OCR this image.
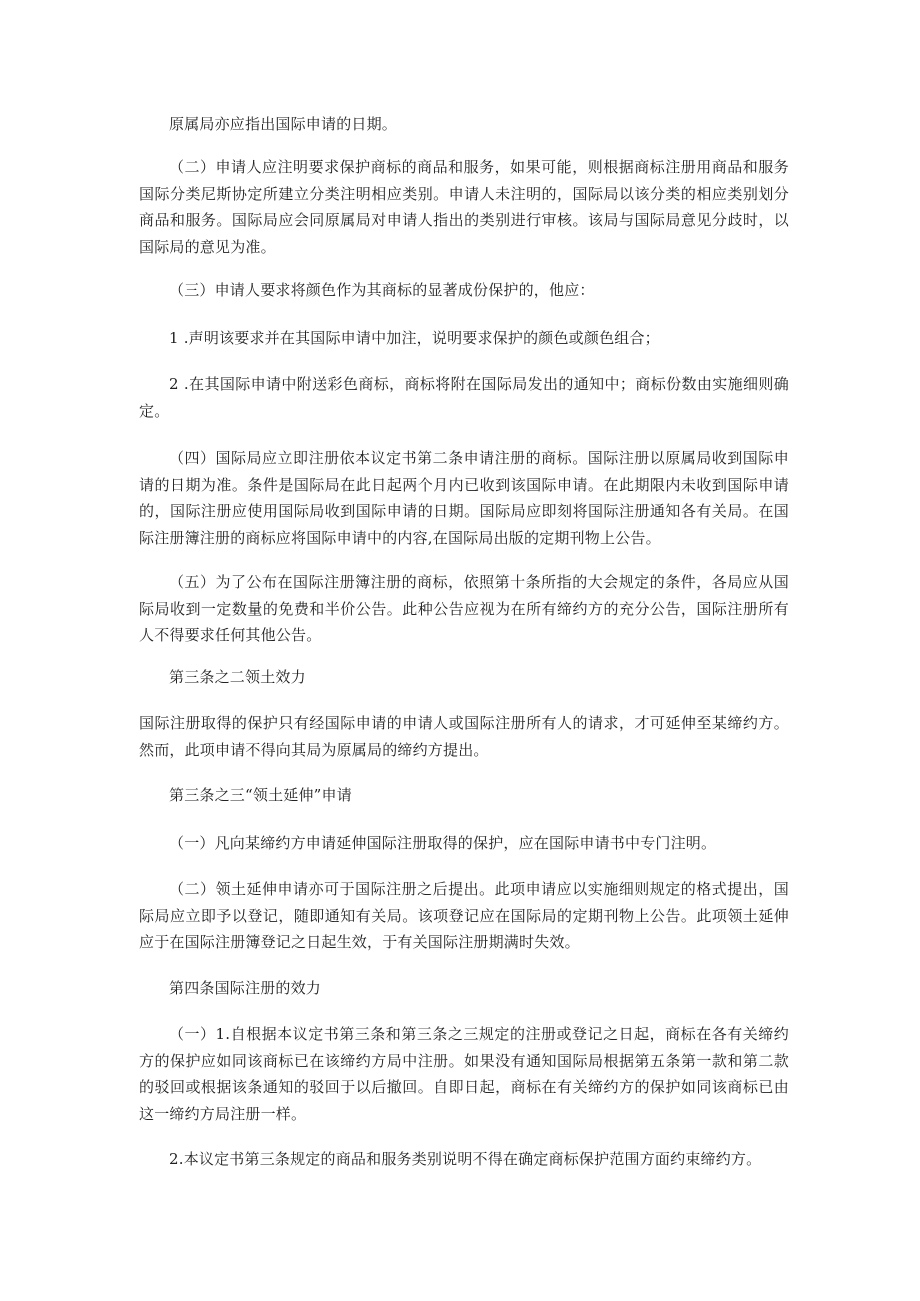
原属局亦应指出国际申请的日期。

（二）申请人应注明要求保护商标的商品和服务，如果可能，则根据商标注册用商品和服务国际分类尼斯协定所建立分类注明相应类别。申请人未注明的，国际局以该分类的相应类别划分商品和服务。国际局应会同原属局对申请人指出的类别进行审核。该局与国际局意见分歧时，以国际局的意见为准。

（三）申请人要求将颜色作为其商标的显著成份保护的，他应：

1 .声明该要求并在其国际申请中加注，说明要求保护的颜色或颜色组合；

2 .在其国际申请中附送彩色商标，商标将附在国际局发出的通知中；商标份数由实施细则确定。

（四）国际局应立即注册依本议定书第二条申请注册的商标。国际注册以原属局收到国际申请的日期为准。条件是国际局在此日起两个月内已收到该国际申请。在此期限内未收到国际申请的，国际注册应使用国际局收到国际申请的日期。国际局应即刻将国际注册通知各有关局。在国际注册簿注册的商标应将国际申请中的内容,在国际局出版的定期刊物上公告。

（五）为了公布在国际注册簿注册的商标，依照第十条所指的大会规定的条件，各局应从国际局收到一定数量的免费和半价公告。此种公告应视为在所有缔约方的充分公告，国际注册所有人不得要求任何其他公告。

第三条之二领土效力

国际注册取得的保护只有经国际申请的申请人或国际注册所有人的请求，才可延伸至某缔约方。然而，此项申请不得向其局为原属局的缔约方提出。

第三条之三“领土延伸”申请

（一）凡向某缔约方申请延伸国际注册取得的保护，应在国际申请书中专门注明。

（二）领土延伸申请亦可于国际注册之后提出。此项申请应以实施细则规定的格式提出，国际局应立即予以登记，随即通知有关局。该项登记应在国际局的定期刊物上公告。此项领土延伸应于在国际注册簿登记之日起生效，于有关国际注册期满时失效。

第四条国际注册的效力

（一）1.自根据本议定书第三条和第三条之三规定的注册或登记之日起，商标在各有关缔约方的保护应如同该商标已在该缔约方局中注册。如果没有通知国际局根据第五条第一款和第二款的驳回或根据该条通知的驳回于以后撤回。自即日起，商标在有关缔约方的保护如同该商标已由这一缔约方局注册一样。

2.本议定书第三条规定的商品和服务类别说明不得在确定商标保护范围方面约束缔约方。
